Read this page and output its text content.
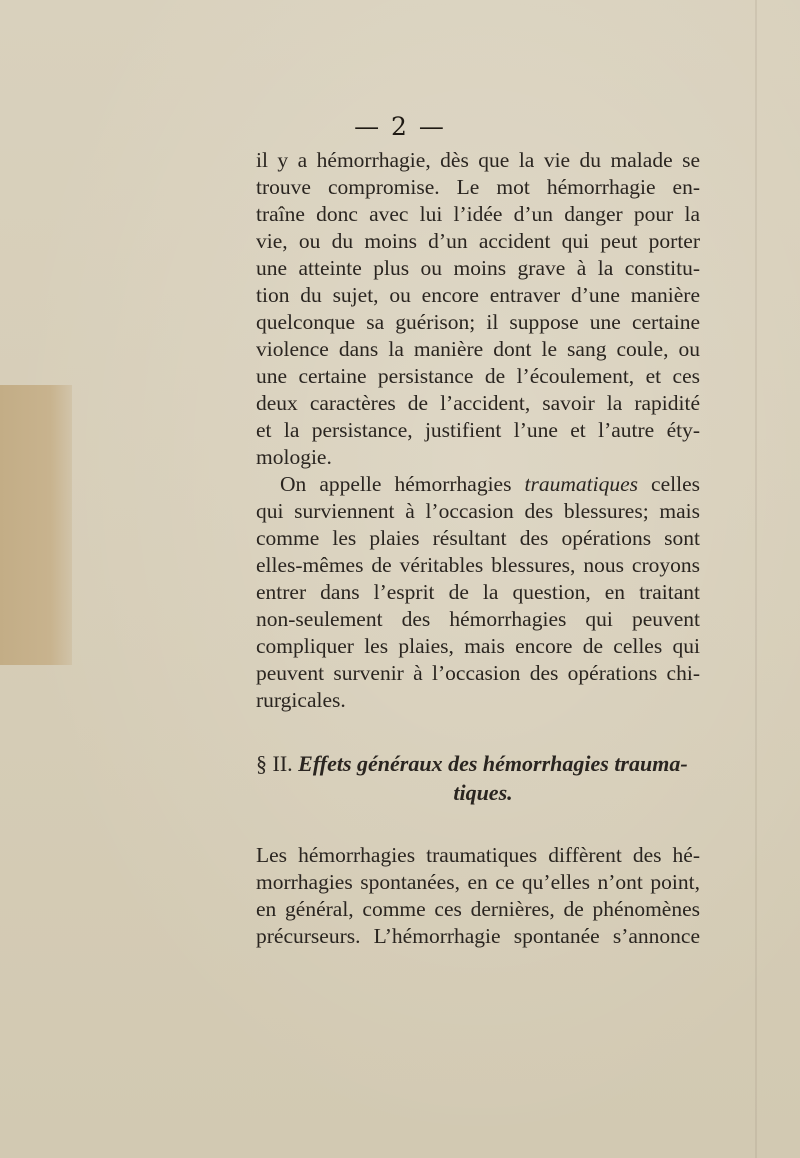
— 2 —
il y a hémorrhagie, dès que la vie du malade se
trouve compromise. Le mot hémorrhagie en-
traîne donc avec lui l’idée d’un danger pour la
vie, ou du moins d’un accident qui peut porter
une atteinte plus ou moins grave à la constitu-
tion du sujet, ou encore entraver d’une manière
quelconque sa guérison; il suppose une certaine
violence dans la manière dont le sang coule, ou
une certaine persistance de l’écoulement, et ces
deux caractères de l’accident, savoir la rapidité
et la persistance, justifient l’une et l’autre éty-
mologie.
On appelle hémorrhagies traumatiques celles
qui surviennent à l’occasion des blessures; mais
comme les plaies résultant des opérations sont
elles-mêmes de véritables blessures, nous croyons
entrer dans l’esprit de la question, en traitant
non-seulement des hémorrhagies qui peuvent
compliquer les plaies, mais encore de celles qui
peuvent survenir à l’occasion des opérations chi-
rurgicales.
§ II. Effets généraux des hémorrhagies trauma-
tiques.
Les hémorrhagies traumatiques diffèrent des hé-
morrhagies spontanées, en ce qu’elles n’ont point,
en général, comme ces dernières, de phénomènes
précurseurs. L’hémorrhagie spontanée s’annonce
